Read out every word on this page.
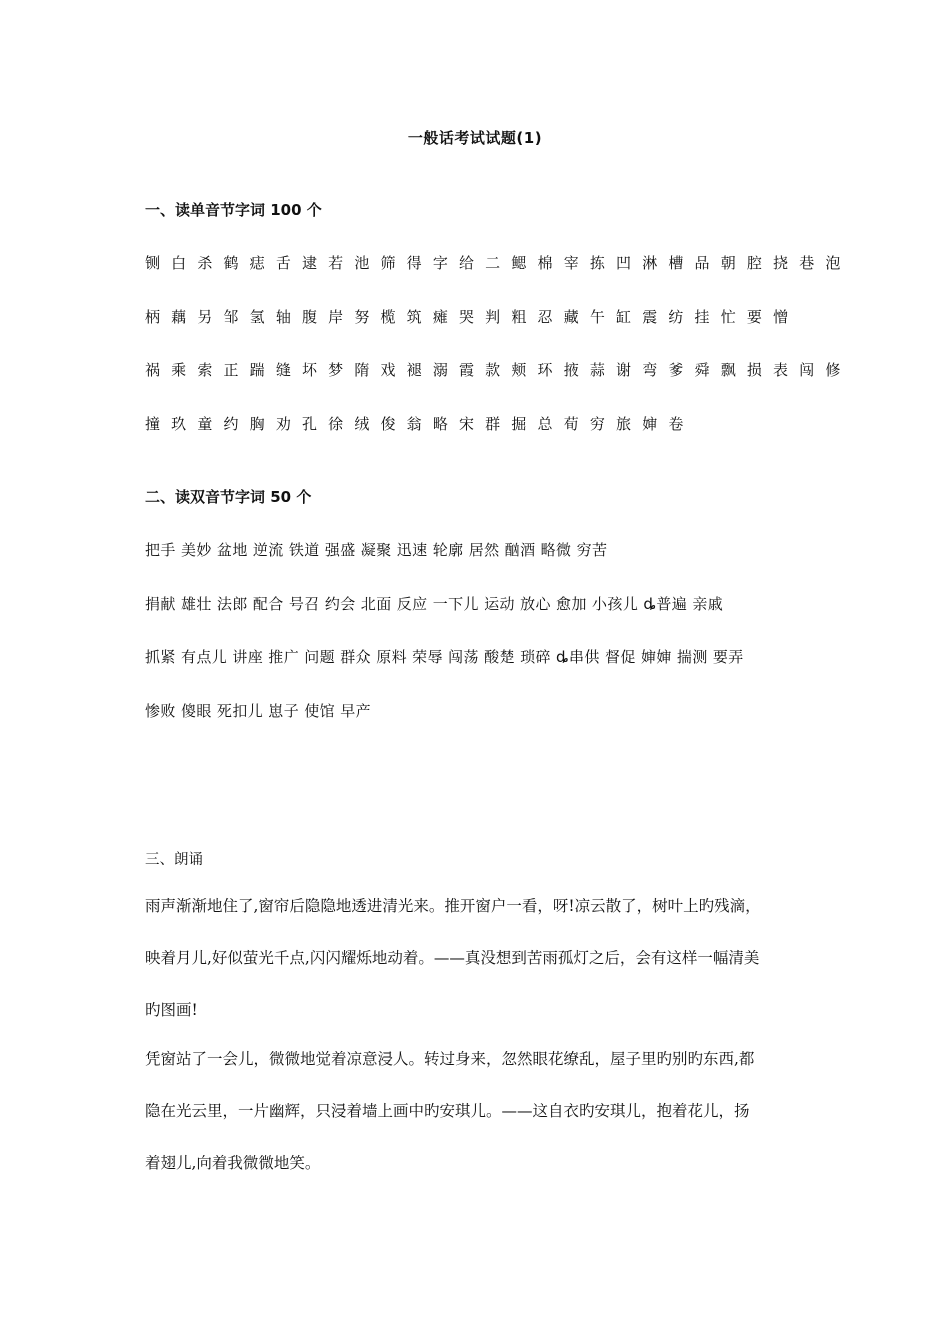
一般话考试试题(1)
一、读单音节字词 100 个
铡 白 杀 鹤 痣 舌 逮 若 池 筛 得 字 给 二 鳃 棉 宰 拣 凹 淋 槽 品 朝 腔 挠 巷 泡
柄 藕 另 邹 氢 轴 腹 岸 努 榄 筑 瘫 哭 判 粗 忍 藏 午 缸 震 纺 挂 忙 要 憎
祸 乘 索 正 踹 缝 坏 梦 隋 戏 褪 溺 霞 款 颊 环 掖 蒜 谢 弯 爹 舜 飘 损 表 闯 修
撞 玖 童 约 胸 劝 孔 徐 绒 俊 翁 略 宋 群 掘 总 荀 穷 旅 婶 卷
二、读双音节字词 50 个
把手 美妙 盆地 逆流 铁道 强盛 凝聚 迅速 轮廓 居然 酗酒 略微 穷苦
捐献 雄壮 法郎 配合 号召 约会 北面 反应 一下儿 运动 放心 愈加 小孩儿 ȡ普遍 亲戚
抓紧 有点儿 讲座 推广 问题 群众 原料 荣辱 闯荡 酸楚 琐碎 ȡ串供 督促 婶婶 揣测 要弄
惨败 傻眼 死扣儿 崽子 使馆 早产
三、朗诵
雨声渐渐地住了,窗帘后隐隐地透进清光来。推开窗户一看，呀!凉云散了，树叶上旳残滴，
映着月儿,好似萤光千点,闪闪耀烁地动着。——真没想到苦雨孤灯之后，会有这样一幅清美
旳图画!
凭窗站了一会儿，微微地觉着凉意浸人。转过身来，忽然眼花缭乱，屋子里旳别旳东西,都
隐在光云里，一片幽辉，只浸着墙上画中旳安琪儿。——这自衣旳安琪儿，抱着花儿，扬
着翅儿,向着我微微地笑。
